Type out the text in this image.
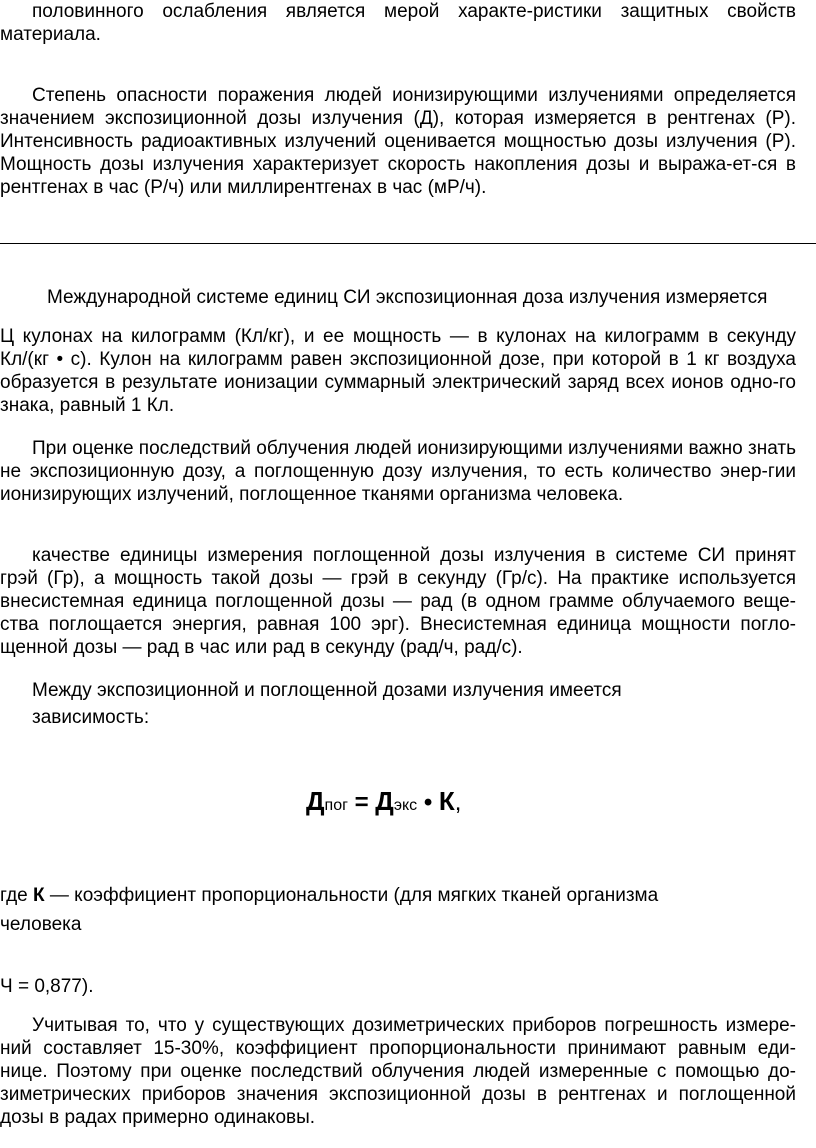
половинного ослабления является мерой характе-ристики защитных свойств материала.

Степень опасности поражения людей ионизирующими излучениями определяется значением экспозиционной дозы излучения (Д), которая измеряется в рентгенах (Р). Интенсивность радиоактивных излучений оценивается мощностью дозы излучения (Р). Мощность дозы излучения характеризует скорость накопления дозы и выража-ет-ся в рентгенах в час (Р/ч) или миллирентгенах в час (мР/ч).

Международной системе единиц СИ экспозиционная доза излучения измеряется

Ц кулонах на килограмм (Кл/кг), и ее мощность — в кулонах на килограмм в секунду Кл/(кг • с). Кулон на килограмм равен экспозиционной дозе, при которой в 1 кг воздуха образуется в результате ионизации суммарный электрический заряд всех ионов одно-го знака, равный 1 Кл.

При оценке последствий облучения людей ионизирующими излучениями важно знать не экспозиционную дозу, а поглощенную дозу излучения, то есть количество энер-гии ионизирующих излучений, поглощенное тканями организма человека.

качестве единицы измерения поглощенной дозы излучения в системе СИ принят грэй (Гр), а мощность такой дозы — грэй в секунду (Гр/с). На практике используется внесистемная единица поглощенной дозы — рад (в одном грамме облучаемого веще-ства поглощается энергия, равная 100 эрг). Внесистемная единица мощности погло-щенной дозы — рад в час или рад в секунду (рад/ч, рад/с).

Между экспозиционной и поглощенной дозами излучения имеется

зависимость:

Дпог = Дэкс • К,

где К — коэффициент пропорциональности (для мягких тканей организма

человека

Ч = 0,877).

Учитывая то, что у существующих дозиметрических приборов погрешность измере-ний составляет 15-30%, коэффициент пропорциональности принимают равным еди-нице. Поэтому при оценке последствий облучения людей измеренные с помощью до-зиметрических приборов значения экспозиционной дозы в рентгенах и поглощенной дозы в радах примерно одинаковы.
